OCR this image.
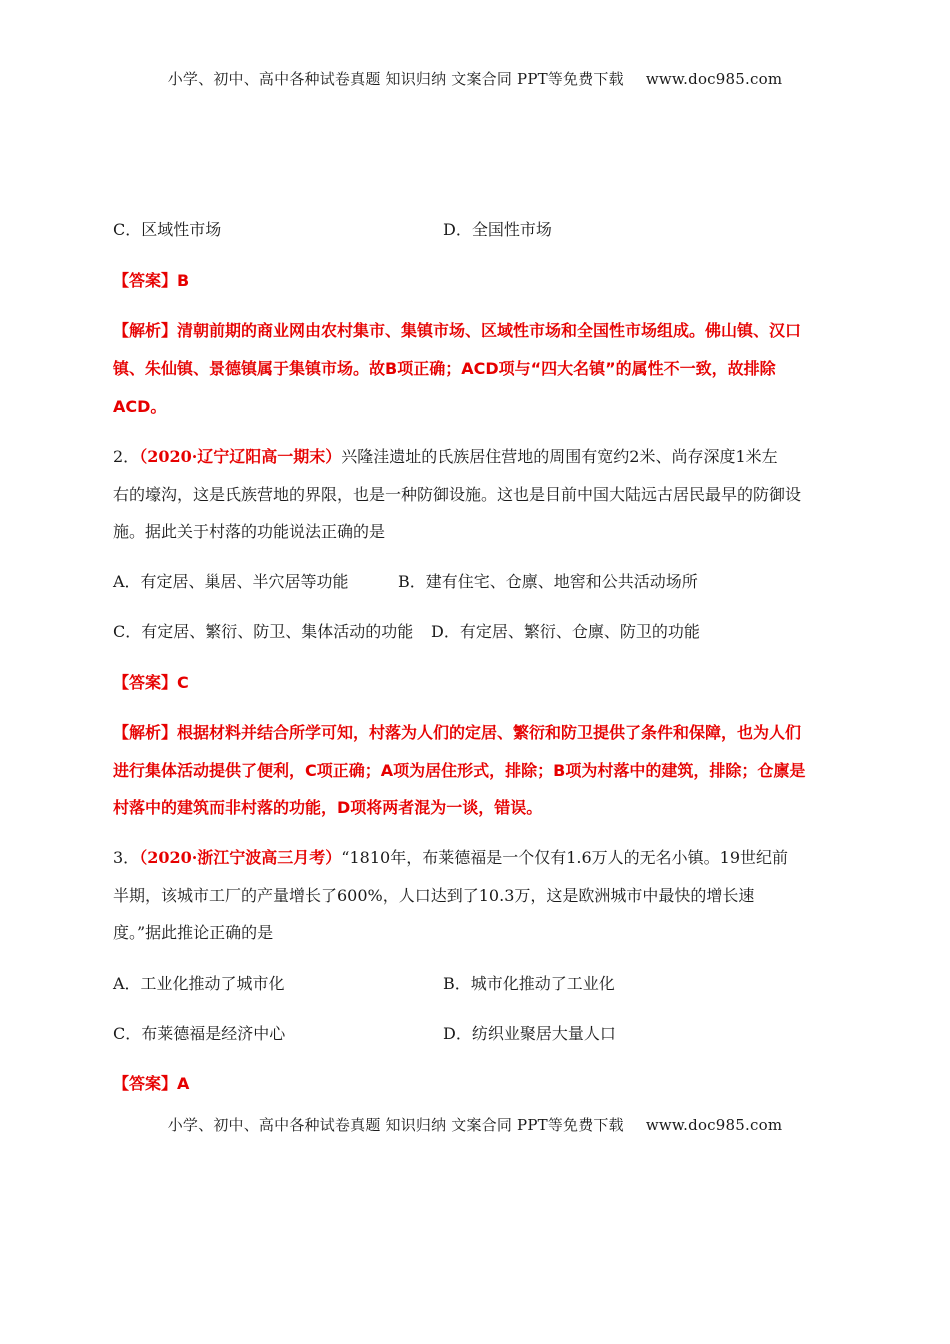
小学、初中、高中各种试卷真题 知识归纳 文案合同 PPT等免费下载 www.doc985.com
C．区域性市场	D．全国性市场
【答案】B
【解析】清朝前期的商业网由农村集市、集镇市场、区域性市场和全国性市场组成。佛山镇、汉口
镇、朱仙镇、景德镇属于集镇市场。故B项正确；ACD项与“四大名镇”的属性不一致，故排除
ACD。
2．（2020·辽宁辽阳高一期末）兴隆洼遗址的氏族居住营地的周围有宽约2米、尚存深度1米左
右的壕沟，这是氏族营地的界限，也是一种防御设施。这也是目前中国大陆远古居民最早的防御设
施。据此关于村落的功能说法正确的是
A．有定居、巢居、半穴居等功能	B．建有住宅、仓廪、地窖和公共活动场所
C．有定居、繁衍、防卫、集体活动的功能 D．有定居、繁衍、仓廪、防卫的功能
【答案】C
【解析】根据材料并结合所学可知，村落为人们的定居、繁衍和防卫提供了条件和保障，也为人们
进行集体活动提供了便利，C项正确；A项为居住形式，排除；B项为村落中的建筑，排除；仓廪是
村落中的建筑而非村落的功能，D项将两者混为一谈，错误。
3．（2020·浙江宁波高三月考）“1810年，布莱德福是一个仅有1.6万人的无名小镇。19世纪前
半期，该城市工厂的产量增长了600%，人口达到了10.3万，这是欧洲城市中最快的增长速
度。”据此推论正确的是
A．工业化推动了城市化	B．城市化推动了工业化
C．布莱德福是经济中心	D．纺织业聚居大量人口
【答案】A
小学、初中、高中各种试卷真题 知识归纳 文案合同 PPT等免费下载 www.doc985.com
